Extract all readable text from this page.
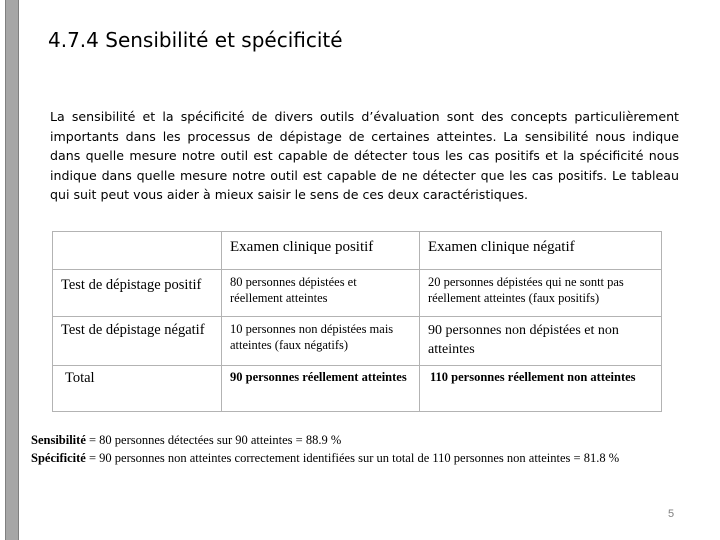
4.7.4 Sensibilité et spécificité

La sensibilité et la spécificité de divers outils d’évaluation sont des concepts particulièrement importants dans les processus de dépistage de certaines atteintes. La sensibilité nous indique dans quelle mesure notre outil est capable de détecter tous les cas positifs et la spécificité nous indique dans quelle mesure notre outil est capable de ne détecter que les cas positifs. Le tableau qui suit peut vous aider à mieux saisir le sens de ces deux caractéristiques.

	Examen clinique positif	Examen clinique négatif
Test de dépistage positif	80 personnes dépistées et réellement atteintes	20 personnes dépistées qui ne sontt pas réellement atteintes (faux positifs)
Test de dépistage négatif	10 personnes non dépistées mais atteintes (faux négatifs)	90 personnes non dépistées et non atteintes
Total	90 personnes réellement atteintes	110 personnes réellement non atteintes

Sensibilité = 80 personnes détectées sur 90 atteintes = 88.9 %

Spécificité = 90 personnes non atteintes correctement identifiées sur un total de 110 personnes non atteintes = 81.8 %

5
